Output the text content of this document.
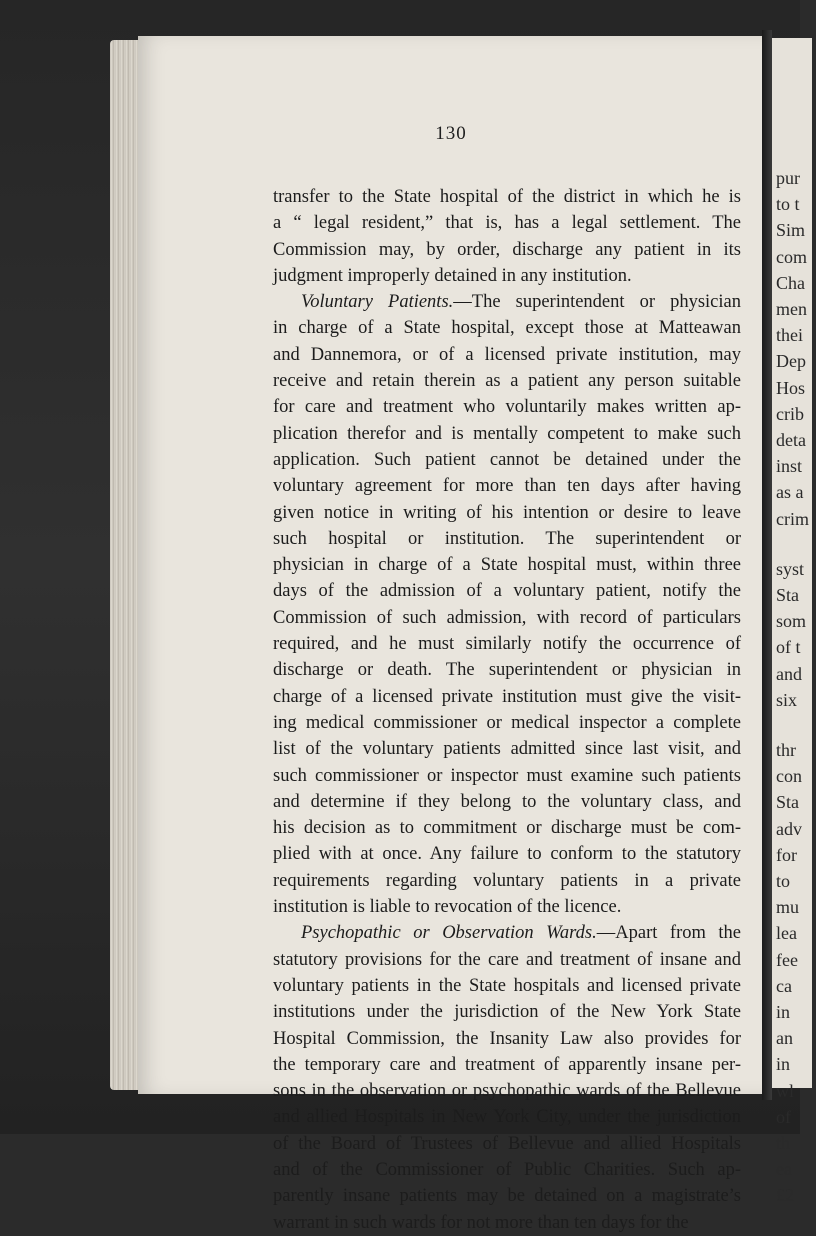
130
transfer to the State hospital of the district in which he is
a “ legal resident,” that is, has a legal settlement. The
Commission may, by order, discharge any patient in its
judgment improperly detained in any institution.
Voluntary Patients.—The superintendent or physician
in charge of a State hospital, except those at Matteawan
and Dannemora, or of a licensed private institution, may
receive and retain therein as a patient any person suitable
for care and treatment who voluntarily makes written ap-
plication therefor and is mentally competent to make such
application. Such patient cannot be detained under the
voluntary agreement for more than ten days after having
given notice in writing of his intention or desire to leave
such hospital or institution. The superintendent or
physician in charge of a State hospital must, within three
days of the admission of a voluntary patient, notify the
Commission of such admission, with record of particulars
required, and he must similarly notify the occurrence of
discharge or death. The superintendent or physician in
charge of a licensed private institution must give the visit-
ing medical commissioner or medical inspector a complete
list of the voluntary patients admitted since last visit, and
such commissioner or inspector must examine such patients
and determine if they belong to the voluntary class, and
his decision as to commitment or discharge must be com-
plied with at once. Any failure to conform to the statutory
requirements regarding voluntary patients in a private
institution is liable to revocation of the licence.
Psychopathic or Observation Wards.—Apart from the
statutory provisions for the care and treatment of insane and
voluntary patients in the State hospitals and licensed private
institutions under the jurisdiction of the New York State
Hospital Commission, the Insanity Law also provides for
the temporary care and treatment of apparently insane per-
sons in the observation or psychopathic wards of the Bellevue
and allied Hospitals in New York City, under the jurisdiction
of the Board of Trustees of Bellevue and allied Hospitals
and of the Commissioner of Public Charities. Such ap-
parently insane patients may be detained on a magistrate’s
warrant in such wards for not more than ten days for the
pur
to t
Sim
com
Cha
men
thei
Dep
Hos
crib
deta
inst
as a
crim
syst
Sta
som
of t
and
six
thr
con
Sta
adv
for
to
mu
lea
fee
ca
in
an
in
wl
of
th
ea
£2
